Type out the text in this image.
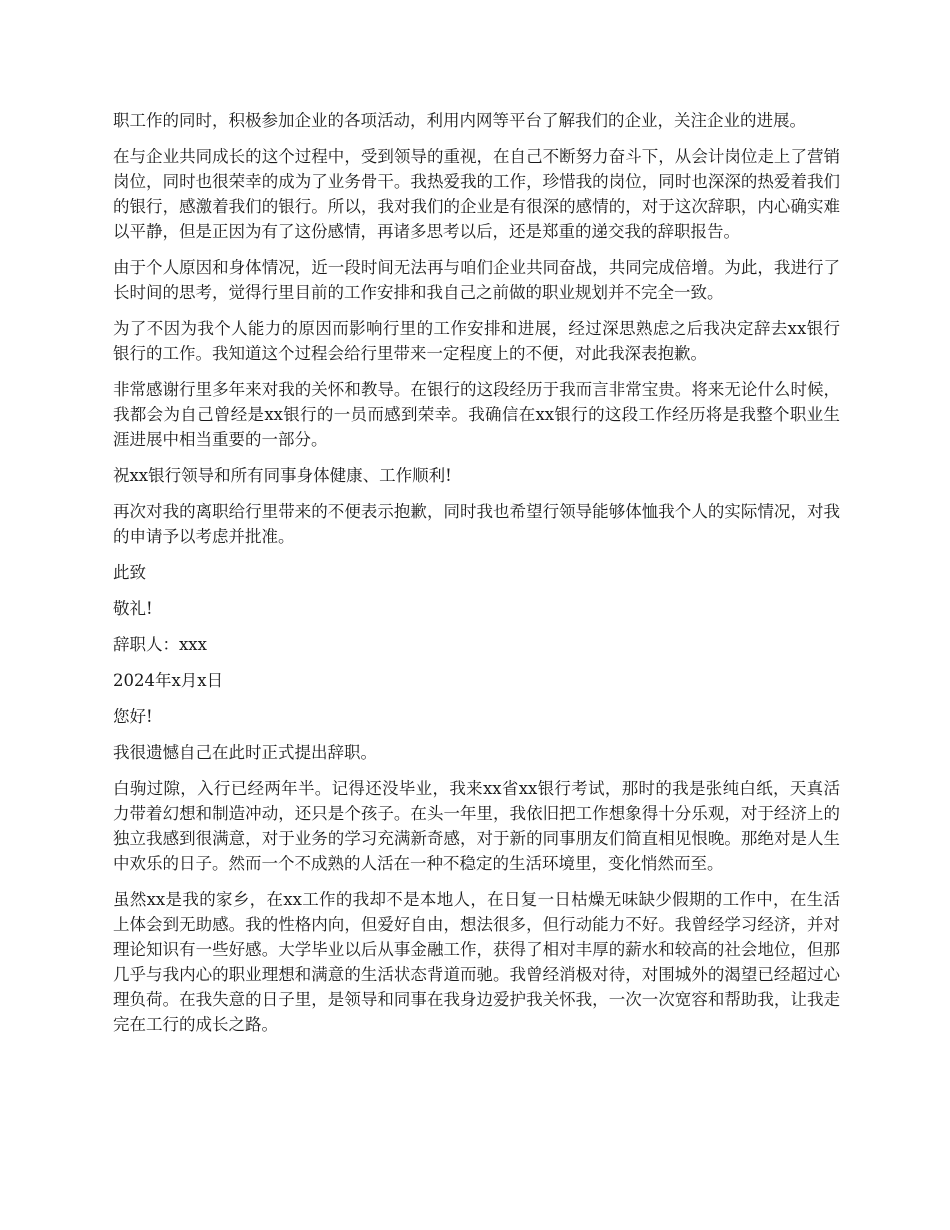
职工作的同时，积极参加企业的各项活动，利用内网等平台了解我们的企业，关注企业的进展。

在与企业共同成长的这个过程中，受到领导的重视，在自己不断努力奋斗下，从会计岗位走上了营销岗位，同时也很荣幸的成为了业务骨干。我热爱我的工作，珍惜我的岗位，同时也深深的热爱着我们的银行，感激着我们的银行。所以，我对我们的企业是有很深的感情的，对于这次辞职，内心确实难以平静，但是正因为有了这份感情，再诸多思考以后，还是郑重的递交我的辞职报告。

由于个人原因和身体情况，近一段时间无法再与咱们企业共同奋战，共同完成倍增。为此，我进行了长时间的思考，觉得行里目前的工作安排和我自己之前做的职业规划并不完全一致。

为了不因为我个人能力的原因而影响行里的工作安排和进展，经过深思熟虑之后我决定辞去xx银行银行的工作。我知道这个过程会给行里带来一定程度上的不便，对此我深表抱歉。

非常感谢行里多年来对我的关怀和教导。在银行的这段经历于我而言非常宝贵。将来无论什么时候，我都会为自己曾经是xx银行的一员而感到荣幸。我确信在xx银行的这段工作经历将是我整个职业生涯进展中相当重要的一部分。

祝xx银行领导和所有同事身体健康、工作顺利!

再次对我的离职给行里带来的不便表示抱歉，同时我也希望行领导能够体恤我个人的实际情况，对我的申请予以考虑并批准。

此致

敬礼!

辞职人：xxx

2024年x月x日

您好!

我很遗憾自己在此时正式提出辞职。

白驹过隙，入行已经两年半。记得还没毕业，我来xx省xx银行考试，那时的我是张纯白纸，天真活力带着幻想和制造冲动，还只是个孩子。在头一年里，我依旧把工作想象得十分乐观，对于经济上的独立我感到很满意，对于业务的学习充满新奇感，对于新的同事朋友们简直相见恨晚。那绝对是人生中欢乐的日子。然而一个不成熟的人活在一种不稳定的生活环境里，变化悄然而至。

虽然xx是我的家乡，在xx工作的我却不是本地人，在日复一日枯燥无味缺少假期的工作中，在生活上体会到无助感。我的性格内向，但爱好自由，想法很多，但行动能力不好。我曾经学习经济，并对理论知识有一些好感。大学毕业以后从事金融工作，获得了相对丰厚的薪水和较高的社会地位，但那几乎与我内心的职业理想和满意的生活状态背道而驰。我曾经消极对待，对围城外的渴望已经超过心理负荷。在我失意的日子里，是领导和同事在我身边爱护我关怀我，一次一次宽容和帮助我，让我走完在工行的成长之路。
